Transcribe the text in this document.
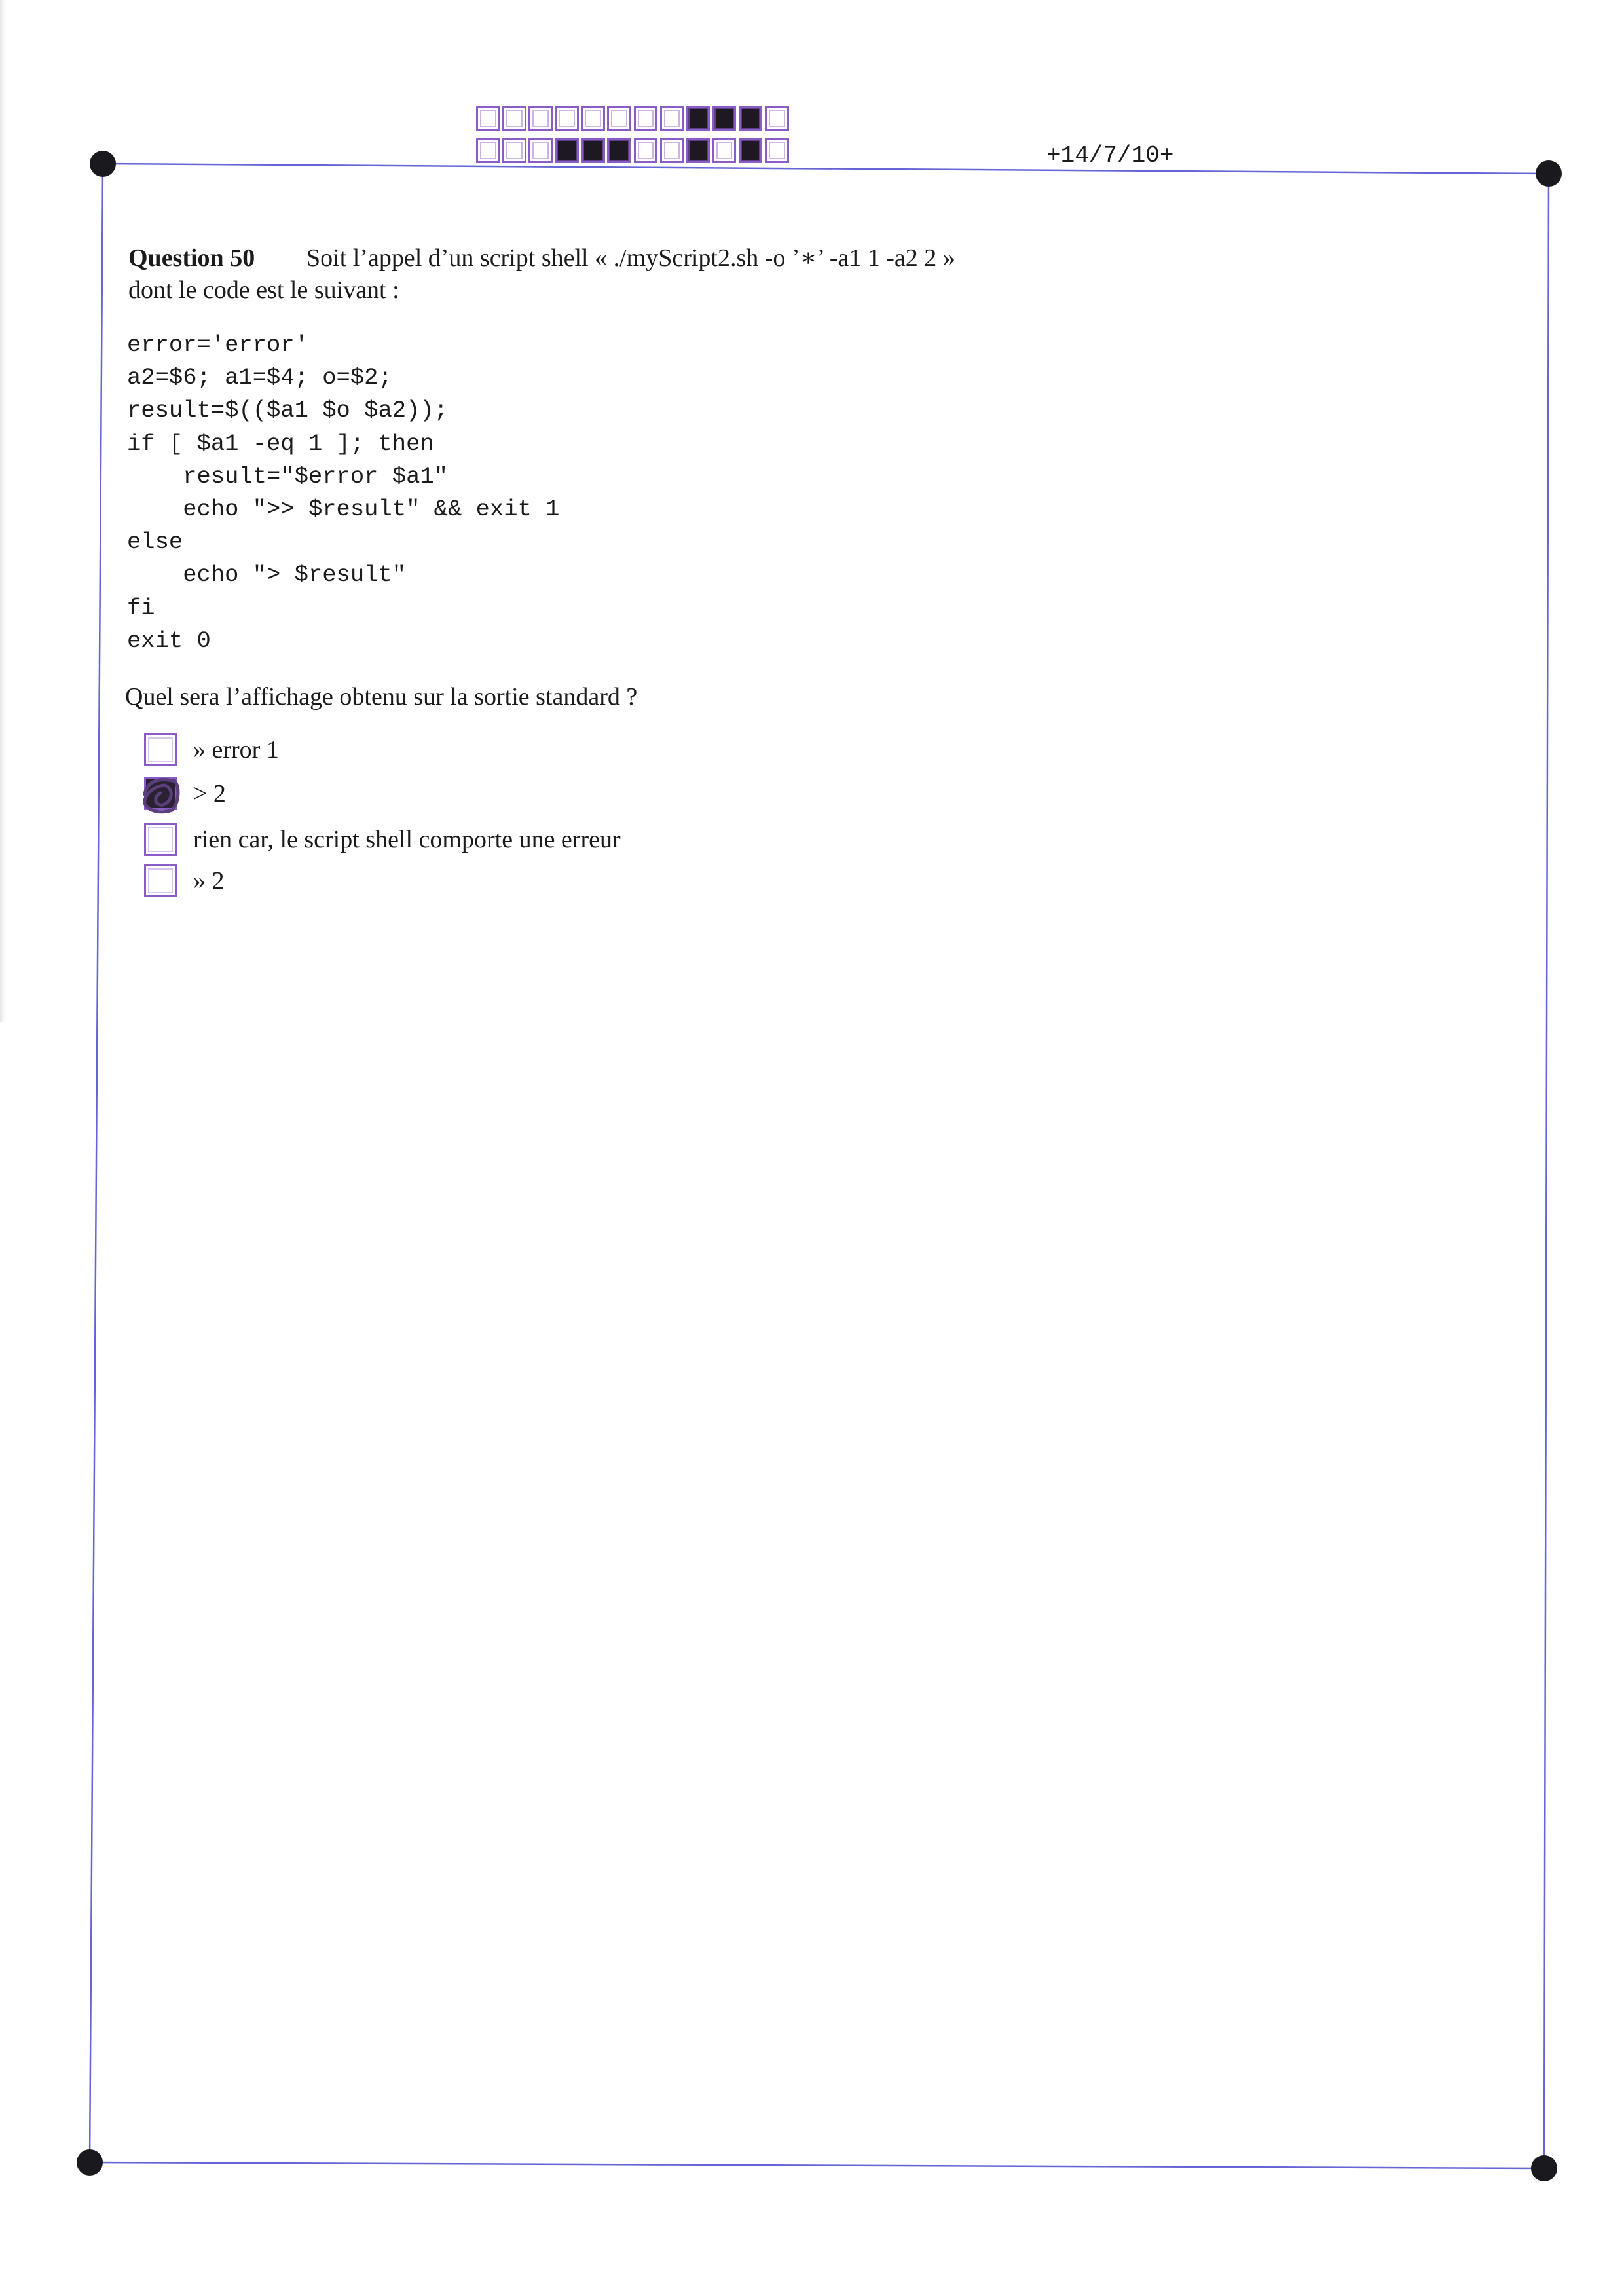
+14/7/10+
Question 50 Soit l’appel d’un script shell « ./myScript2.sh -o ’∗’ -a1 1 -a2 2 »
dont le code est le suivant :
error='error'
a2=$6; a1=$4; o=$2;
result=$(($a1 $o $a2));
if [ $a1 -eq 1 ]; then
result="$error $a1"
echo ">> $result" && exit 1
else
echo "> $result"
fi
exit 0
Quel sera l’affichage obtenu sur la sortie standard ?
» error 1
> 2
rien car, le script shell comporte une erreur
» 2
